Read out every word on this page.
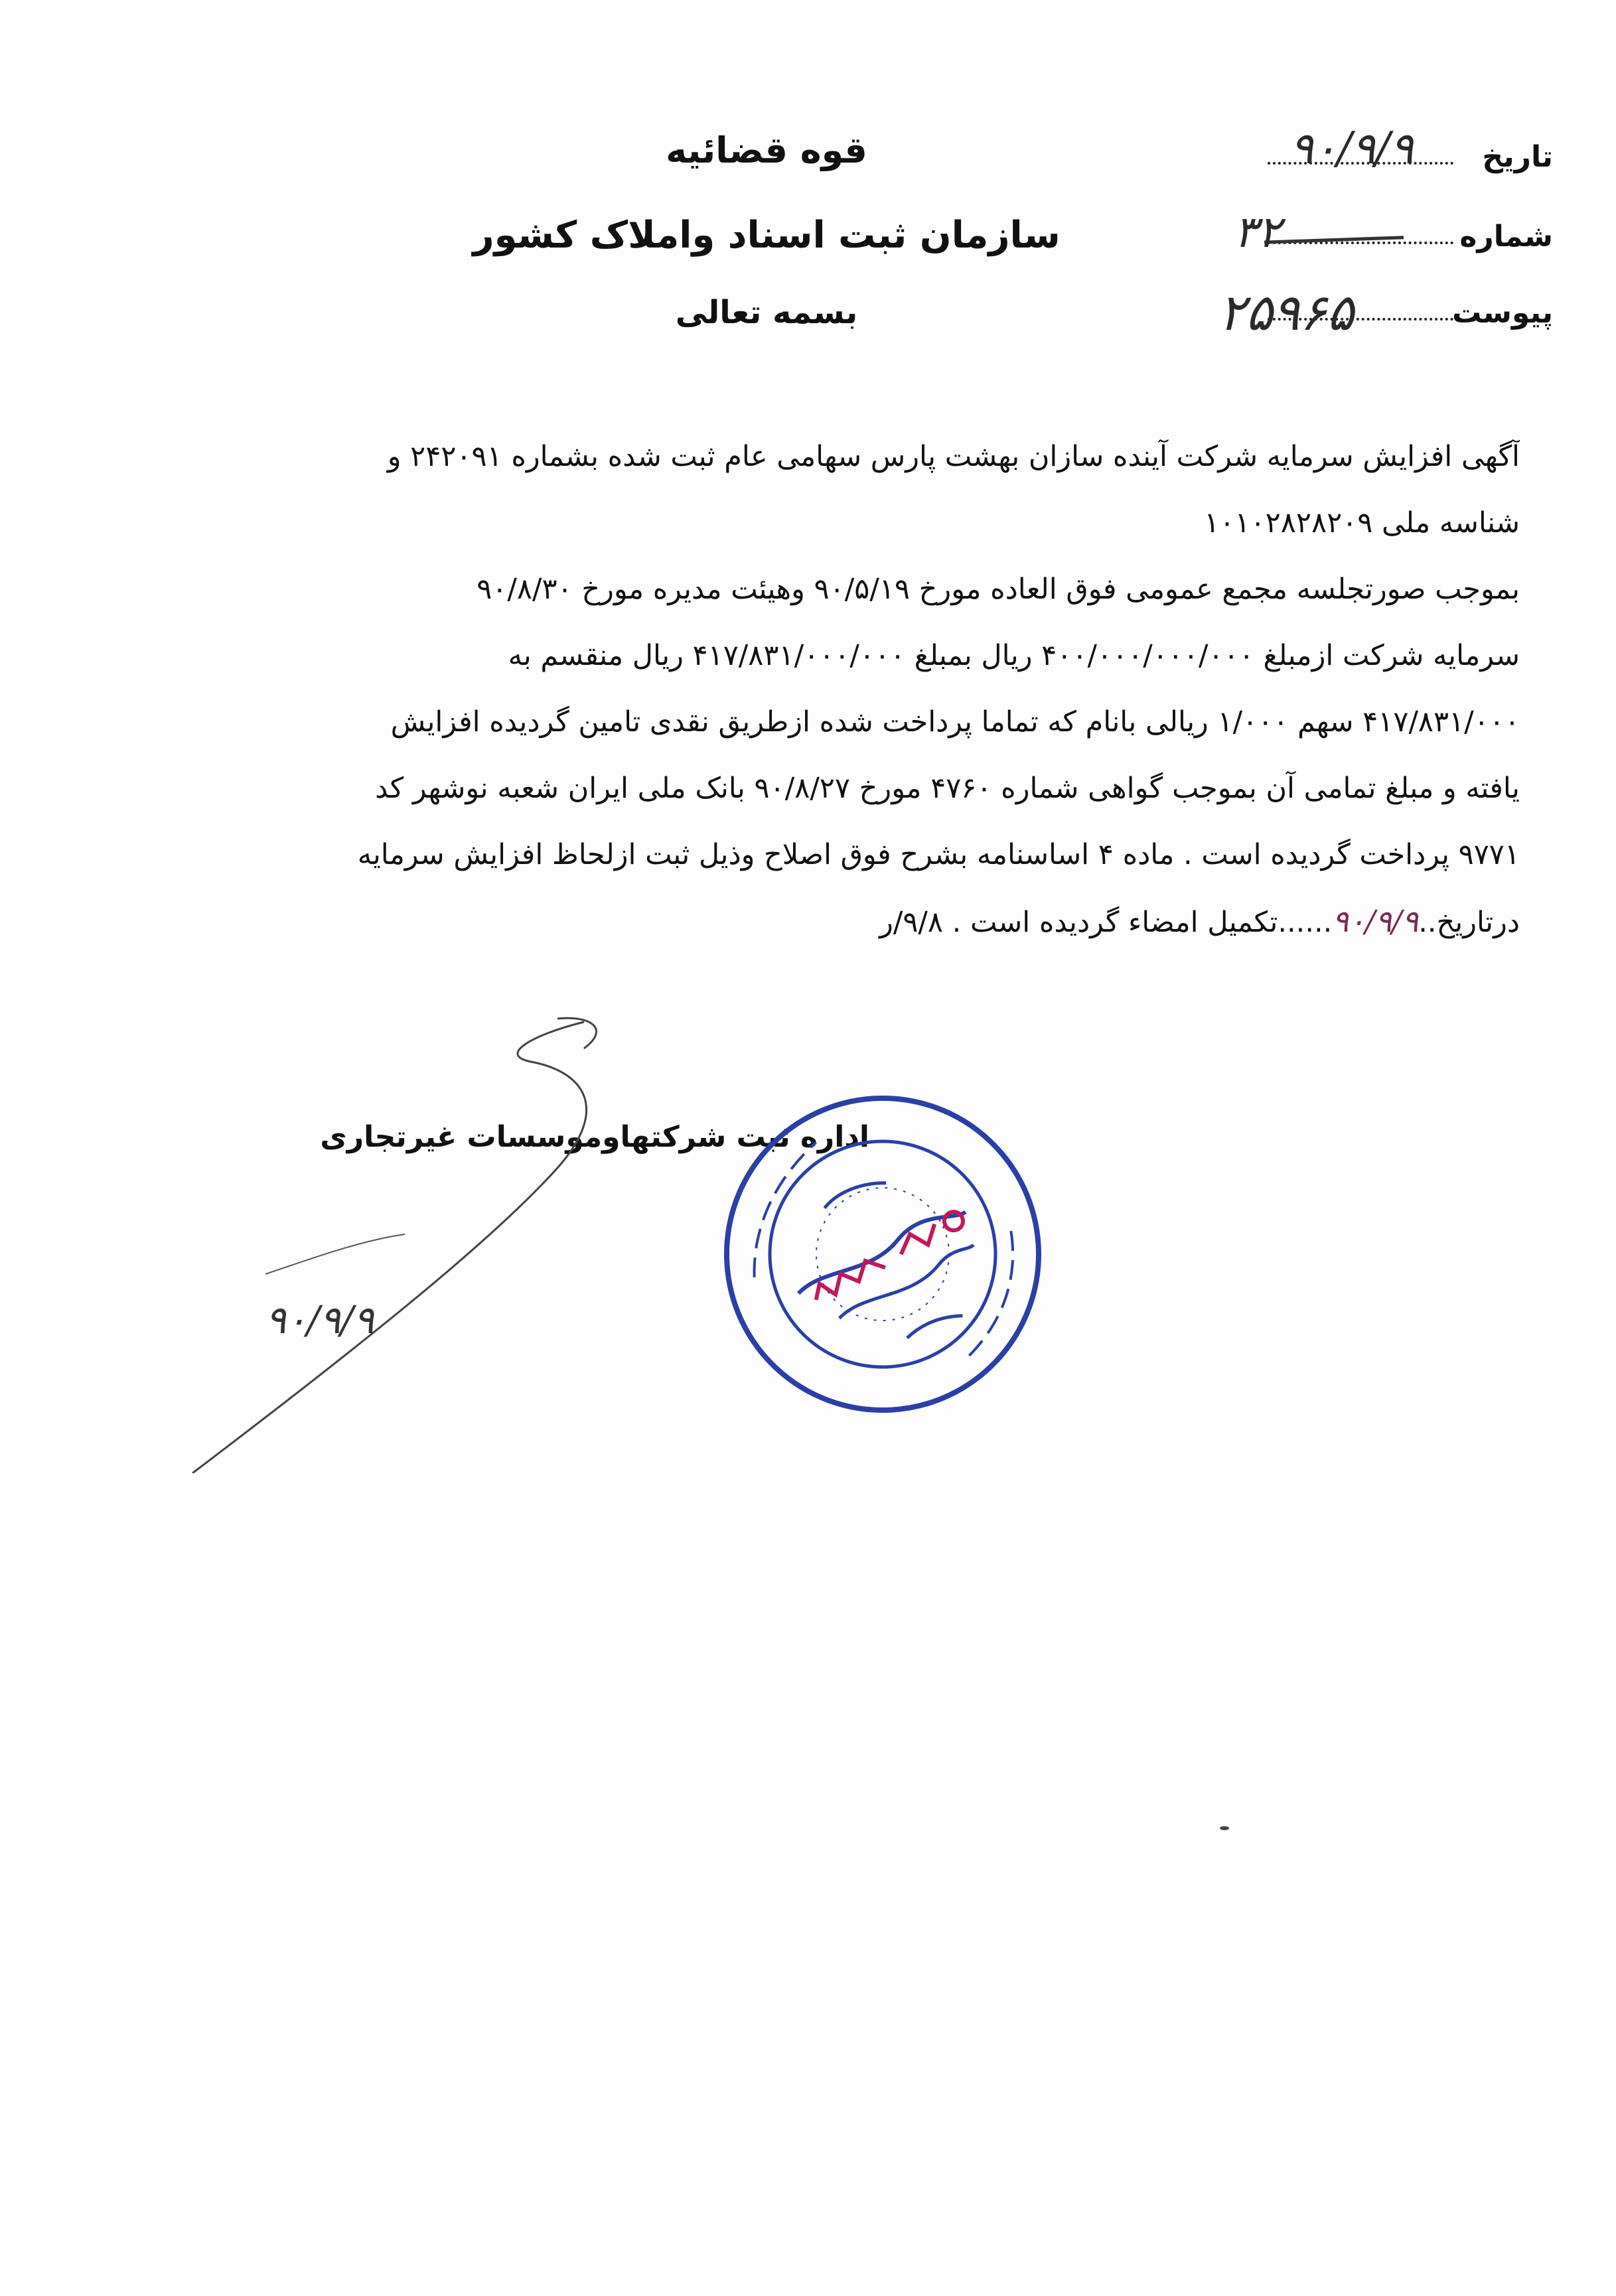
قوه قضائیه
سازمان ثبت اسناد واملاک کشور
بسمه تعالی
تاریخ
۹۰/۹/۹
شماره
۳۲
پیوست
۲۵۹۶۵
آگهی افزایش سرمایه شرکت آینده سازان بهشت پارس سهامی عام ثبت شده بشماره ۲۴۲۰۹۱ و
شناسه ملی ۱۰۱۰۲۸۲۸۲۰۹
بموجب صورتجلسه مجمع عمومی فوق العاده مورخ ۹۰/۵/۱۹ وهیئت مدیره مورخ ۹۰/۸/۳۰
سرمایه شرکت ازمبلغ ۴۰۰/۰۰۰/۰۰۰/۰۰۰ ریال بمبلغ ۴۱۷/۸۳۱/۰۰۰/۰۰۰ ریال منقسم به
۴۱۷/۸۳۱/۰۰۰ سهم ۱/۰۰۰ ریالی بانام که تماما پرداخت شده ازطریق نقدی تامین گردیده افزایش
یافته و مبلغ تمامی آن بموجب گواهی شماره ۴۷۶۰ مورخ ۹۰/۸/۲۷ بانک ملی ایران شعبه نوشهر کد
۹۷۷۱ پرداخت گردیده است . ماده ۴ اساسنامه بشرح فوق اصلاح وذیل ثبت ازلحاظ افزایش سرمایه
درتاریخ..۹۰/۹/۹......تکمیل امضاء گردیده است . ۹/۸/ر
اداره ثبت شرکتهاوموسسات غیرتجاری
۹۰/۹/۹
